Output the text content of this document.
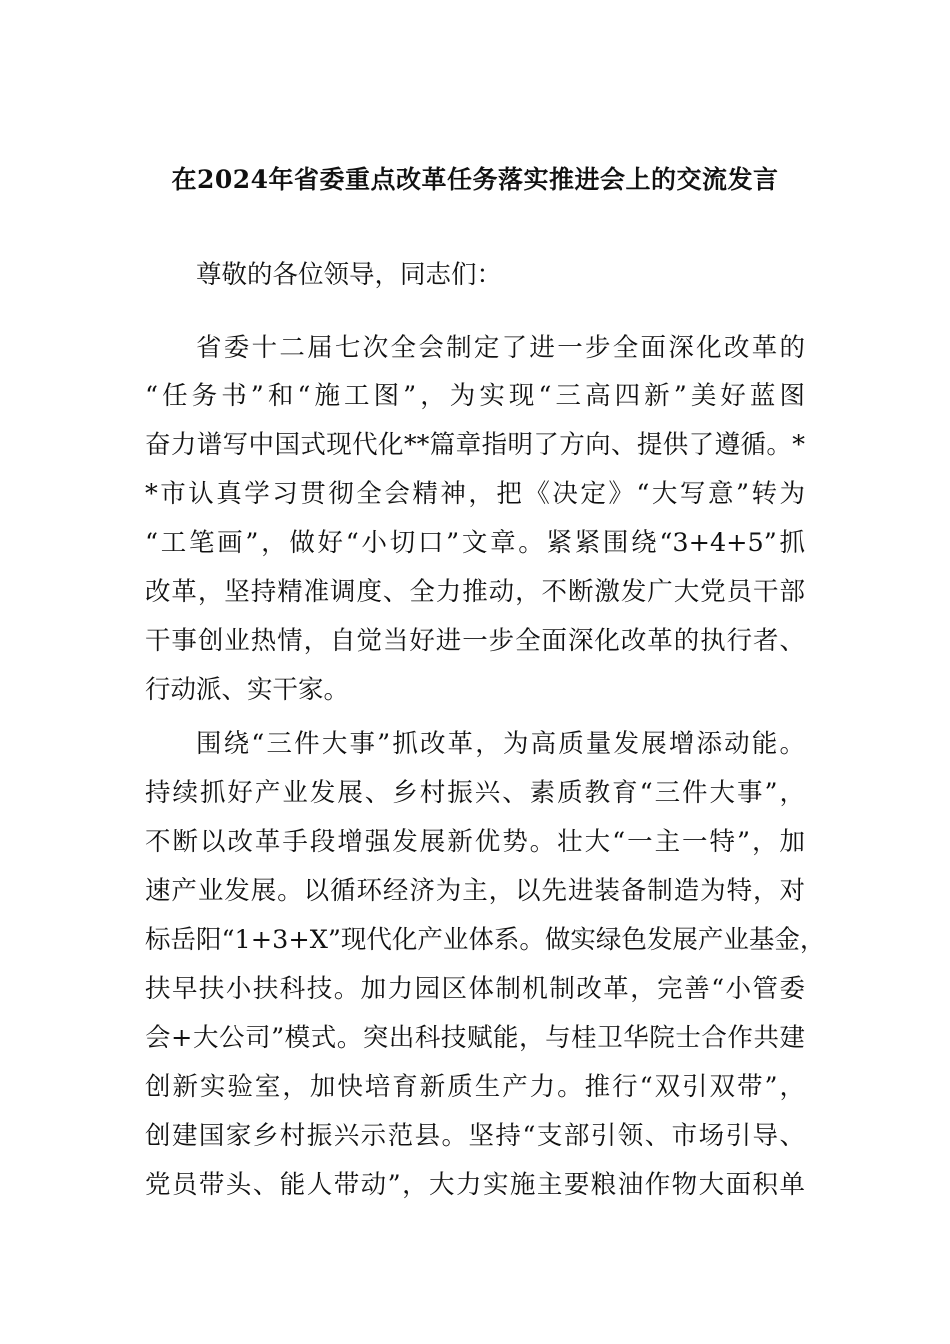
在2024年省委重点改革任务落实推进会上的交流发言
尊敬的各位领导，同志们：
省委十二届七次全会制定了进一步全面深化改革的
“任务书”和“施工图”，为实现“三高四新”美好蓝图
奋力谱写中国式现代化**篇章指明了方向、提供了遵循。*
*市认真学习贯彻全会精神，把《决定》“大写意”转为
“工笔画”，做好“小切口”文章。紧紧围绕“3+4+5”抓
改革，坚持精准调度、全力推动，不断激发广大党员干部
干事创业热情，自觉当好进一步全面深化改革的执行者、
行动派、实干家。
围绕“三件大事”抓改革，为高质量发展增添动能。
持续抓好产业发展、乡村振兴、素质教育“三件大事”，
不断以改革手段增强发展新优势。壮大“一主一特”，加
速产业发展。以循环经济为主，以先进装备制造为特，对
标岳阳“1+3+X”现代化产业体系。做实绿色发展产业基金，
扶早扶小扶科技。加力园区体制机制改革，完善“小管委
会+大公司”模式。突出科技赋能，与桂卫华院士合作共建
创新实验室，加快培育新质生产力。推行“双引双带”，
创建国家乡村振兴示范县。坚持“支部引领、市场引导、
党员带头、能人带动”，大力实施主要粮油作物大面积单
